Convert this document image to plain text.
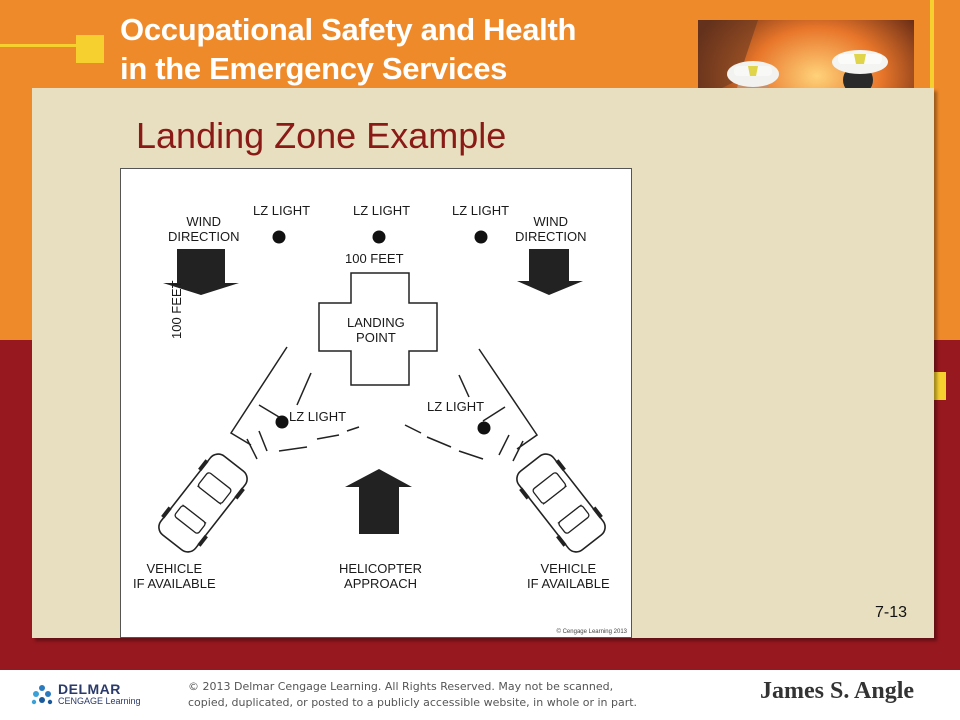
Occupational Safety and Health
in the Emergency Services

Landing Zone Example
LZ LIGHT	LZ LIGHT	LZ LIGHT
WIND
DIRECTION
WIND
DIRECTION
100 FEET
100 FEET	LANDING
POINT
LZ LIGHT
LZ LIGHT
VEHICLE
IF AVAILABLE
HELICOPTER
APPROACH
VEHICLE
IF AVAILABLE
© Cengage Learning 2013
7-13
DELMAR
CENGAGE Learning

© 2013 Delmar Cengage Learning. All Rights Reserved. May not be scanned,
copied, duplicated, or posted to a publicly accessible website, in whole or in part.	James S. Angle
